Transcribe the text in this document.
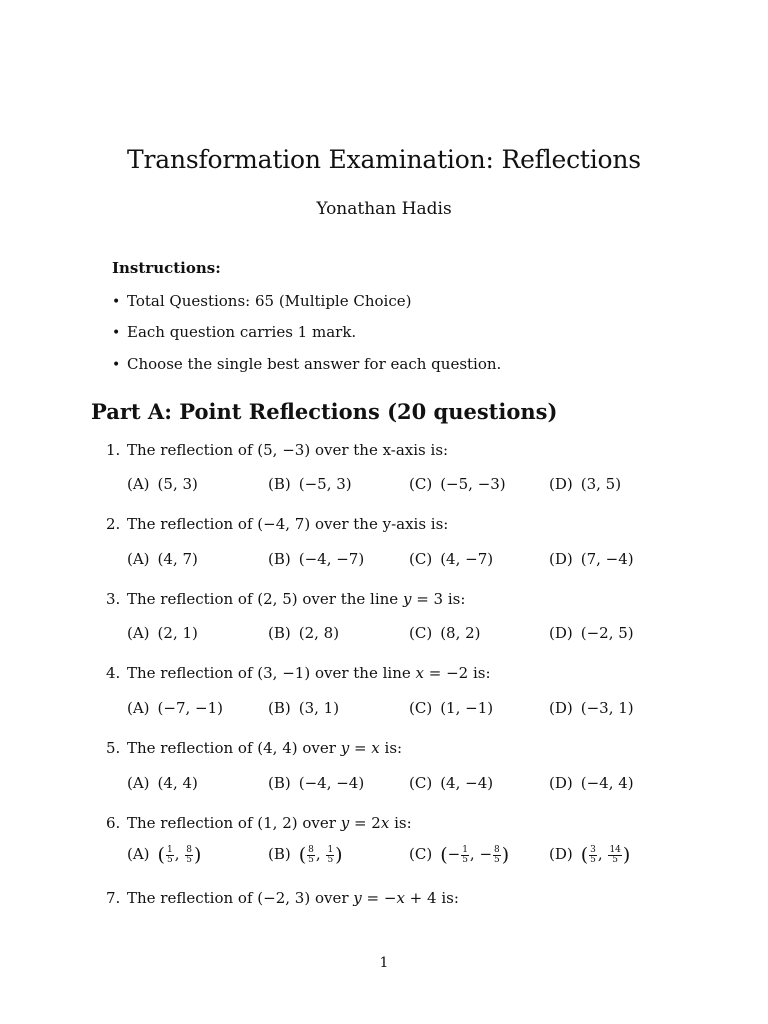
Transformation Examination: Reflections
Yonathan Hadis
Instructions:
• Total Questions: 65 (Multiple Choice)
• Each question carries 1 mark.
• Choose the single best answer for each question.
Part A: Point Reflections (20 questions)
1. The reflection of (5, −3) over the x-axis is:
(A) (5, 3)	(B) (−5, 3)	(C) (−5, −3)	(D) (3, 5)
2. The reflection of (−4, 7) over the y-axis is:
(A) (4, 7)	(B) (−4, −7)	(C) (4, −7)	(D) (7, −4)
3. The reflection of (2, 5) over the line y = 3 is:
(A) (2, 1)	(B) (2, 8)	(C) (8, 2)	(D) (−2, 5)
4. The reflection of (3, −1) over the line x = −2 is:
(A) (−7, −1)	(B) (3, 1)	(C) (1, −1)	(D) (−3, 1)
5. The reflection of (4, 4) over y = x is:
(A) (4, 4)	(B) (−4, −4)	(C) (4, −4)	(D) (−4, 4)
6. The reflection of (1, 2) over y = 2x is:
(A) ( $\frac{1}{5}$ , $\frac{8}{5}$ )	(B) ( $\frac{8}{5}$ , $\frac{1}{5}$ )	(C) (− $\frac{1}{5}$ , − $\frac{8}{5}$ )	(D) ( $\frac{3}{5}$ , $\frac{14}{5}$ )
7. The reflection of (−2, 3) over y = −x + 4 is:
1
